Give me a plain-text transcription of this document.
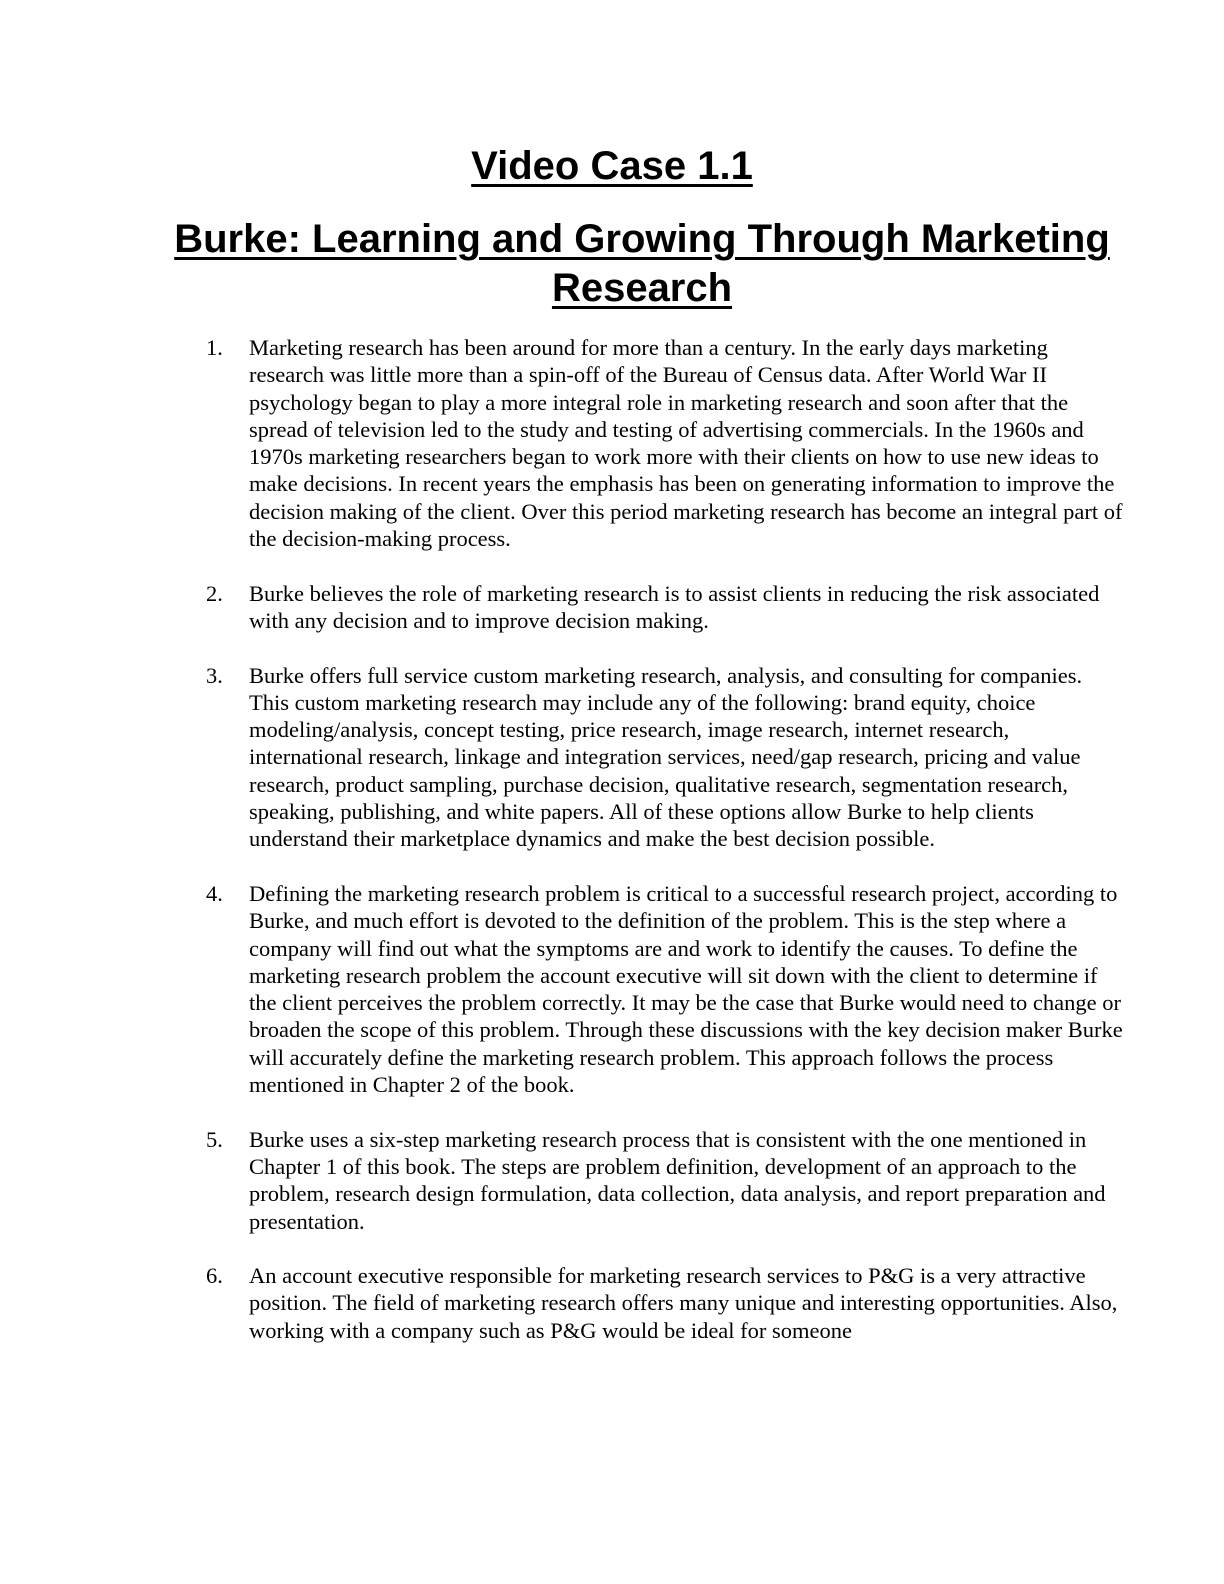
Video Case 1.1
Burke: Learning and Growing Through Marketing Research
1.	Marketing research has been around for more than a century. In the early days marketing research was little more than a spin-off of the Bureau of Census data. After World War II psychology began to play a more integral role in marketing research and soon after that the spread of television led to the study and testing of advertising commercials. In the 1960s and 1970s marketing researchers began to work more with their clients on how to use new ideas to make decisions. In recent years the emphasis has been on generating information to improve the decision making of the client. Over this period marketing research has become an integral part of the decision-making process.
2.	Burke believes the role of marketing research is to assist clients in reducing the risk associated with any decision and to improve decision making.
3.	Burke offers full service custom marketing research, analysis, and consulting for companies. This custom marketing research may include any of the following: brand equity, choice modeling/analysis, concept testing, price research, image research, internet research, international research, linkage and integration services, need/gap research, pricing and value research, product sampling, purchase decision, qualitative research, segmentation research, speaking, publishing, and white papers. All of these options allow Burke to help clients understand their marketplace dynamics and make the best decision possible.
4.	Defining the marketing research problem is critical to a successful research project, according to Burke, and much effort is devoted to the definition of the problem. This is the step where a company will find out what the symptoms are and work to identify the causes. To define the marketing research problem the account executive will sit down with the client to determine if the client perceives the problem correctly. It may be the case that Burke would need to change or broaden the scope of this problem. Through these discussions with the key decision maker Burke will accurately define the marketing research problem. This approach follows the process mentioned in Chapter 2 of the book.
5.	Burke uses a six-step marketing research process that is consistent with the one mentioned in Chapter 1 of this book. The steps are problem definition, development of an approach to the problem, research design formulation, data collection, data analysis, and report preparation and presentation.
6.	An account executive responsible for marketing research services to P&G is a very attractive position. The field of marketing research offers many unique and interesting opportunities. Also, working with a company such as P&G would be ideal for someone
